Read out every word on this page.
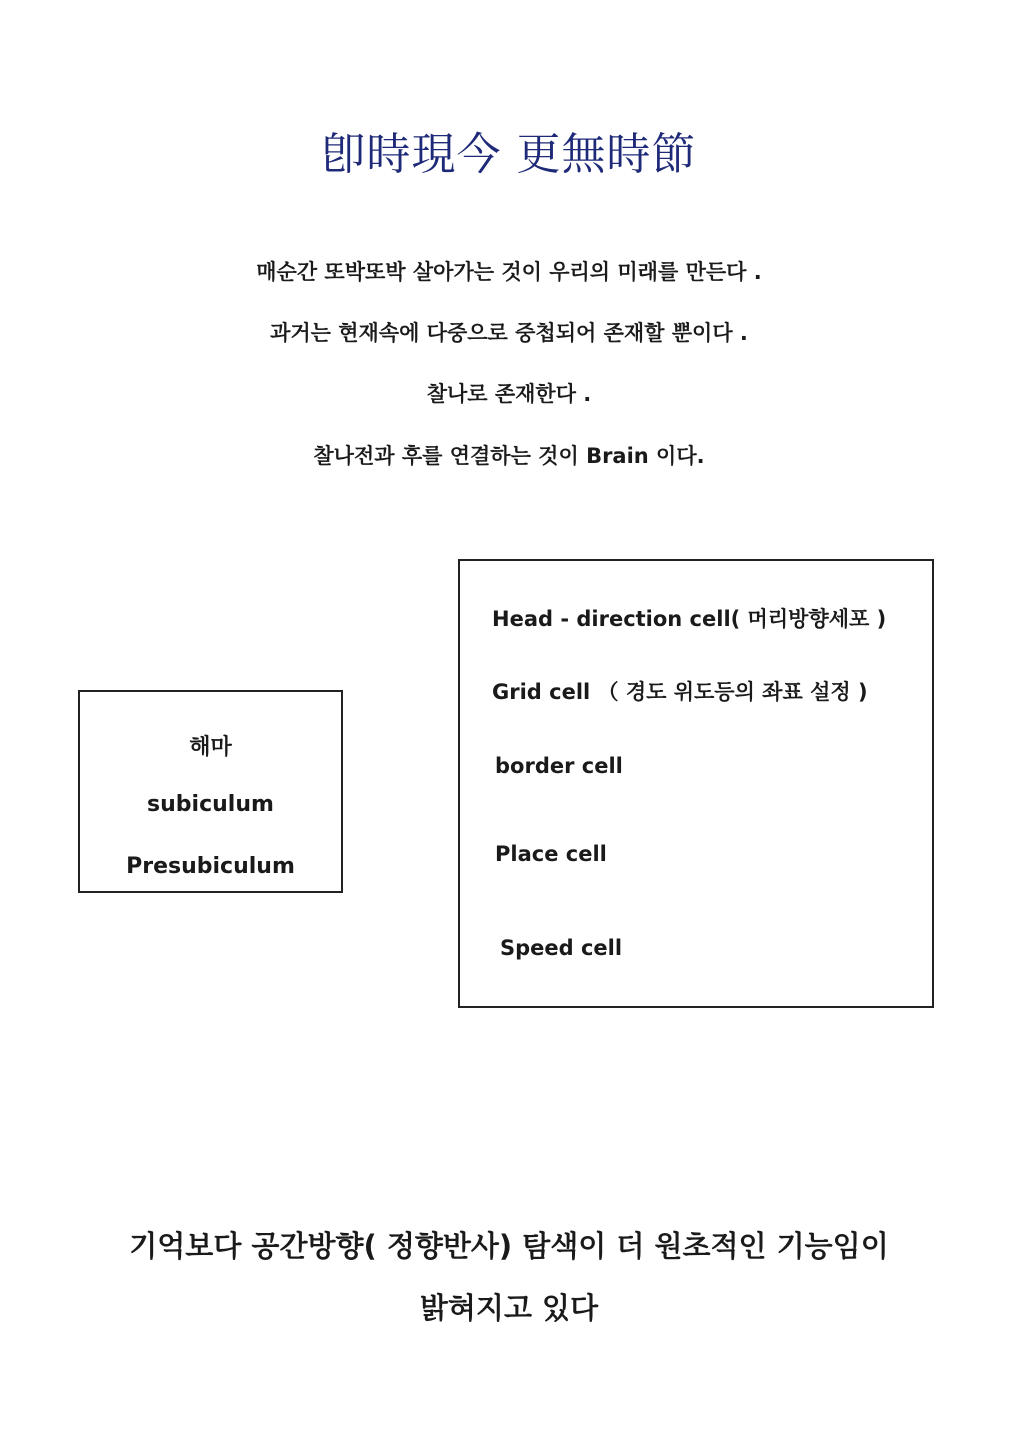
卽時現今 更無時節
매순간 또박또박 살아가는 것이 우리의 미래를 만든다 .
과거는 현재속에 다중으로 중첩되어 존재할 뿐이다 .
찰나로 존재한다 .
찰나전과 후를 연결하는 것이 Brain 이다.
해마
subiculum
Presubiculum
Head - direction cell( 머리방향세포 )
Grid cell （ 경도 위도등의 좌표 설정 )
border cell
Place cell
Speed cell
기억보다 공간방향( 정향반사) 탐색이 더 원초적인 기능임이
밝혀지고 있다
